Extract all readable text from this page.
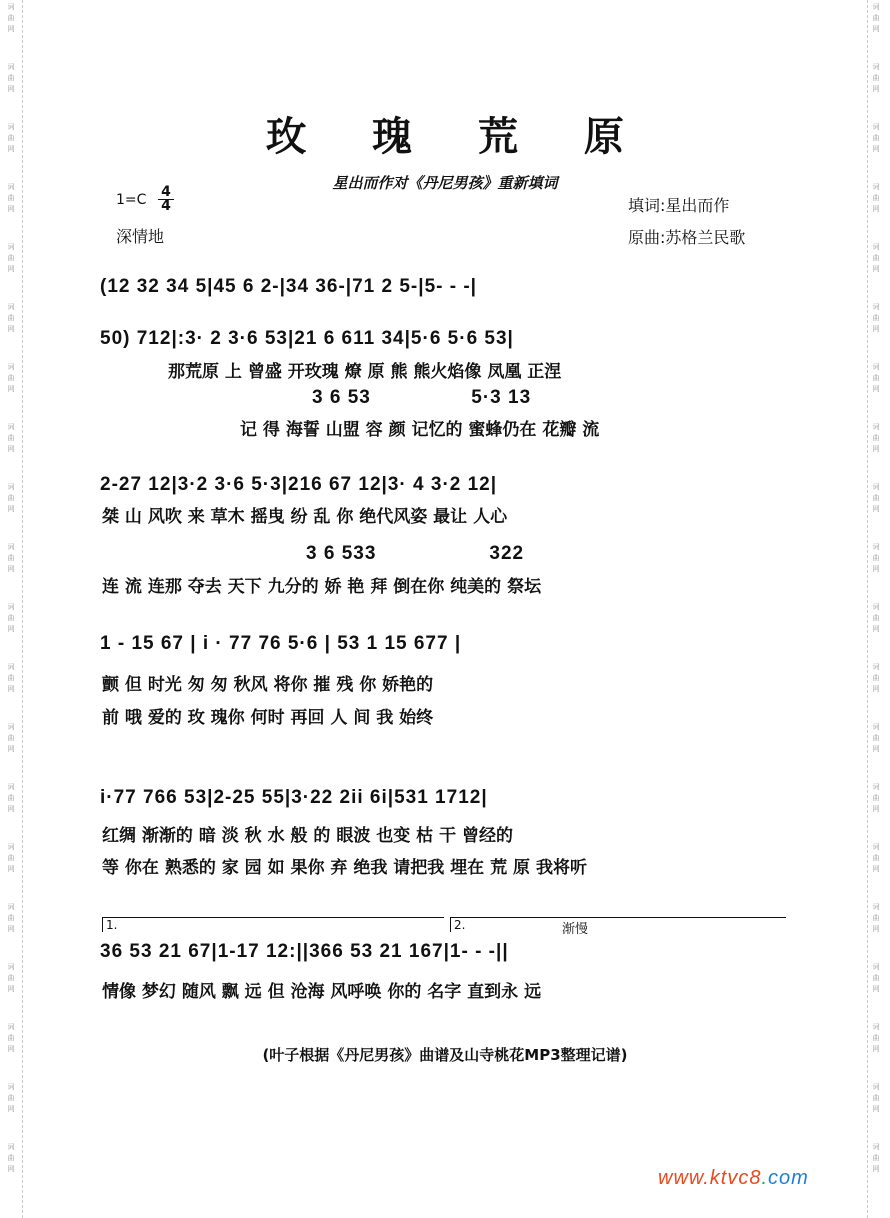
词
曲
网
词
曲
网
词
曲
网
词
曲
网
词
曲
网
词
曲
网
词
曲
网
词
曲
网
词
曲
网
词
曲
网
词
曲
网
词
曲
网
词
曲
网
词
曲
网
词
曲
网
词
曲
网
词
曲
网
词
曲
网
词
曲
网
词
曲
网
词
曲
网
词
曲
网
词
曲
网
词
曲
网
词
曲
网
词
曲
网
词
曲
网
词
曲
网
词
曲
网
词
曲
网
词
曲
网
词
曲
网
词
曲
网
词
曲
网
词
曲
网
词
曲
网
词
曲
网
词
曲
网
词
曲
网
词
曲
网
玫 瑰 荒 原
星出而作对《丹尼男孩》重新填词
1=C 4
4
深情地
填词:星出而作
原曲:苏格兰民歌
(12 32 34 5|45 6 2-|34 36-|71 2 5-|5- - -|
50) 712|:3· 2 3·6 53|21 6 611 34|5·6 5·6 53|
那荒原 上 曾盛 开玫瑰 燎 原 熊 熊火焰像 凤凰 正涅
3 6 53                5·3 13
记 得 海誓 山盟 容 颜 记忆的 蜜蜂仍在 花瓣 流
2-27 12|3·2 3·6 5·3|216 67 12|3· 4 3·2 12|
桀 山 风吹 来 草木 摇曳 纷 乱 你 绝代风姿 最让 人心
3 6 533                  322
连 流 连那 夺去 天下 九分的 娇 艳 拜 倒在你 纯美的 祭坛
1 - 15 67 | i · 77 76 5·6 | 53 1 15 677 |
颤 但 时光 匆 匆 秋风 将你 摧 残 你 娇艳的
前 哦 爱的 玫 瑰你 何时 再回 人 间 我 始终
i·77 766 53|2-25 55|3·22 2ii 6i|531 1712|
红绸 渐渐的 暗 淡 秋 水 般 的 眼波 也变 枯 干 曾经的
等 你在 熟悉的 家 园 如 果你 弃 绝我 请把我 埋在 荒 原 我将听
1.	2.	渐慢
36 53 21 67|1-17 12:||366 53 21 167|1- - -||
情像 梦幻 随风 飘 远 但 沧海 风呼唤 你的 名字 直到永 远
(叶子根据《丹尼男孩》曲谱及山寺桃花MP3整理记谱)
www.ktvc8.com
